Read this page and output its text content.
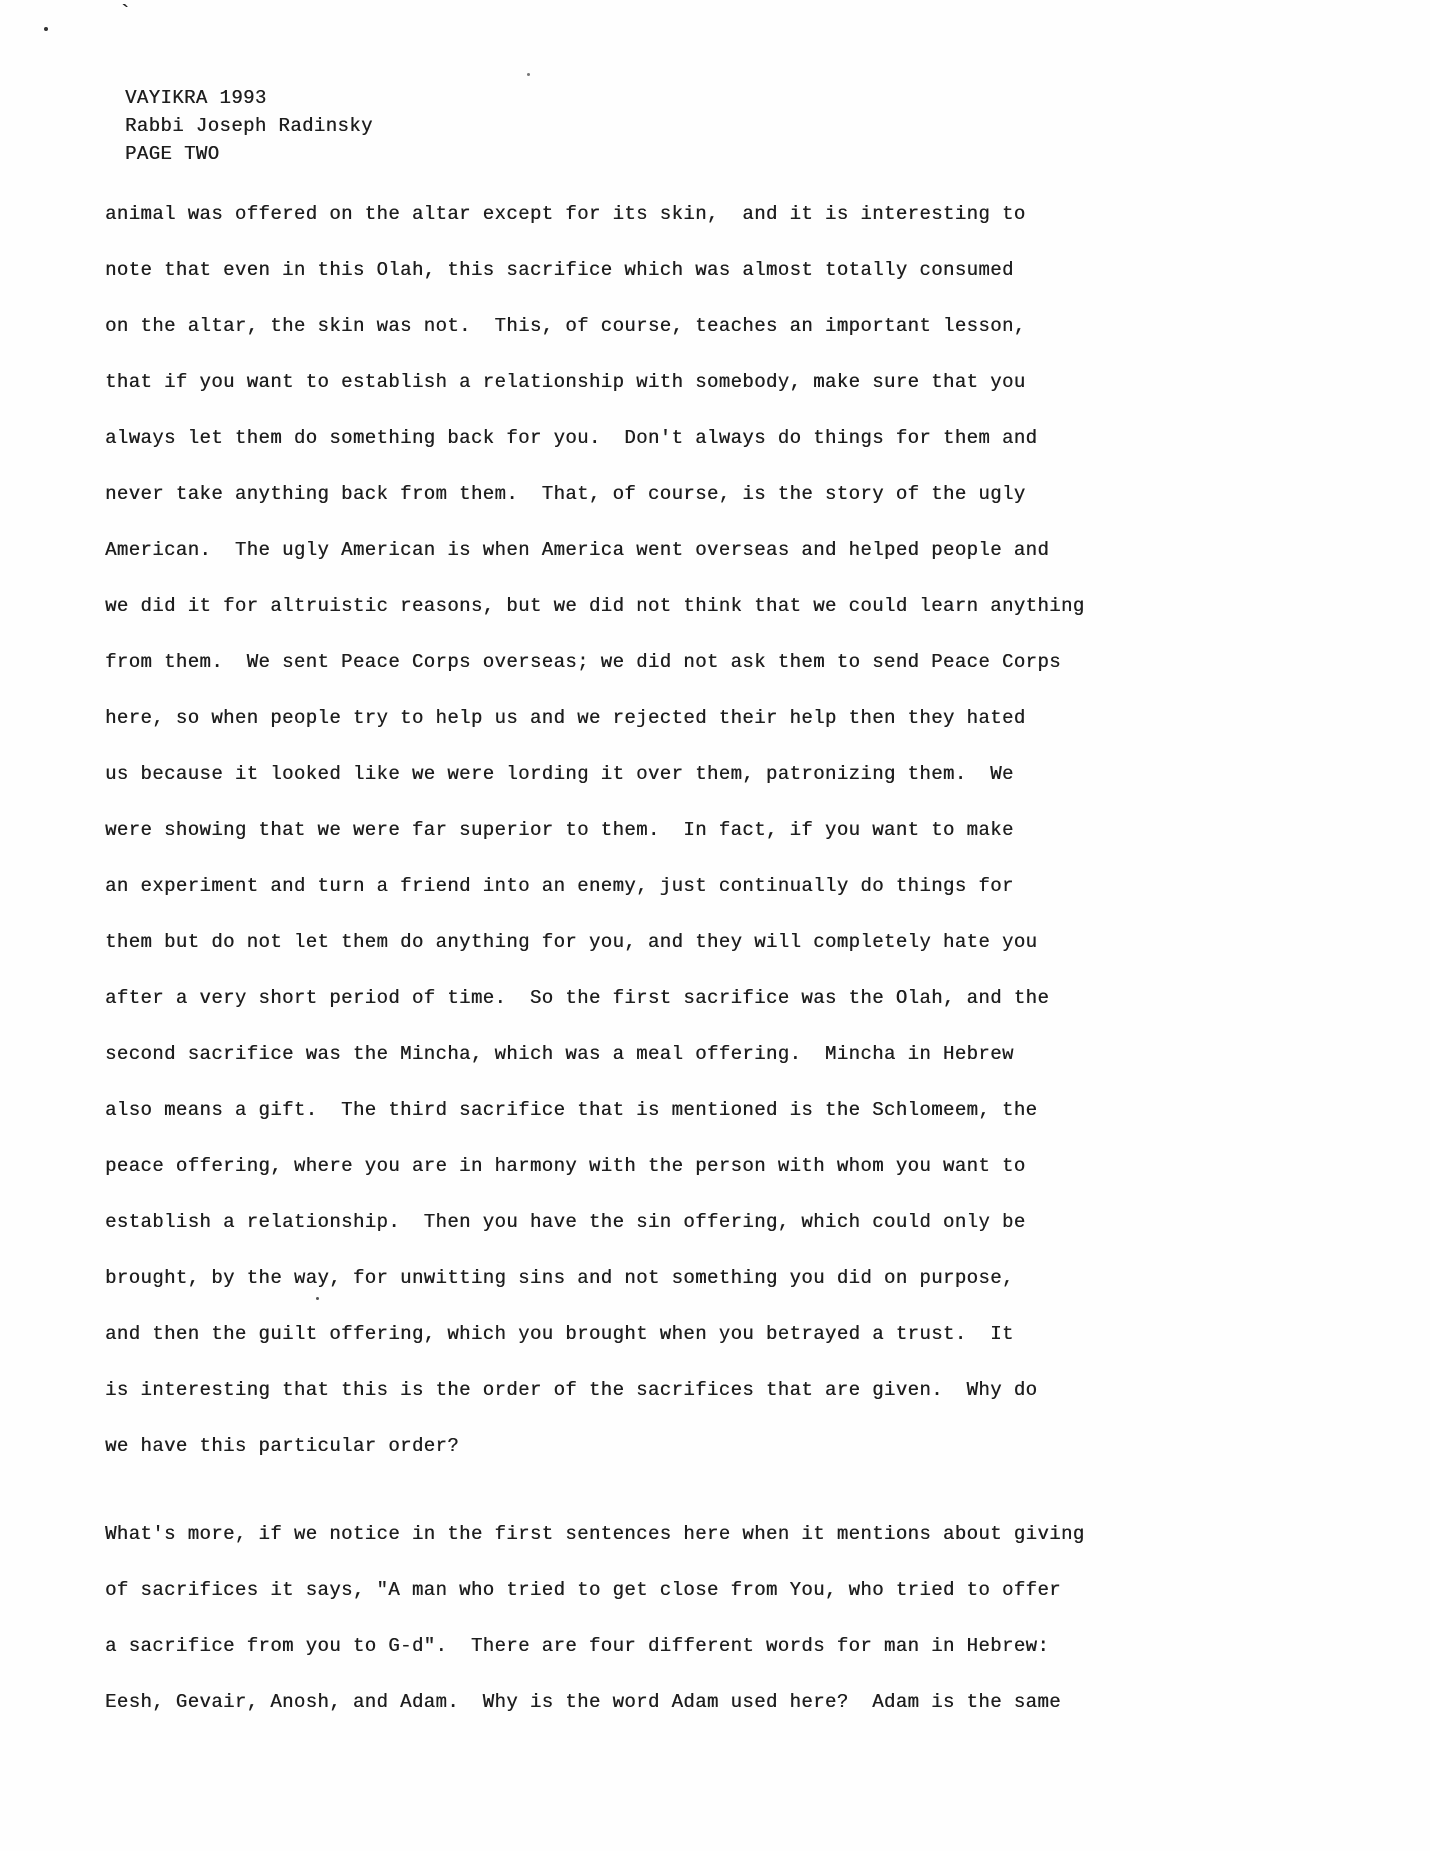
`
VAYIKRA 1993
Rabbi Joseph Radinsky
PAGE TWO
animal was offered on the altar except for its skin,  and it is interesting to
note that even in this Olah, this sacrifice which was almost totally consumed
on the altar, the skin was not.  This, of course, teaches an important lesson,
that if you want to establish a relationship with somebody, make sure that you
always let them do something back for you.  Don't always do things for them and
never take anything back from them.  That, of course, is the story of the ugly
American.  The ugly American is when America went overseas and helped people and
we did it for altruistic reasons, but we did not think that we could learn anything
from them.  We sent Peace Corps overseas; we did not ask them to send Peace Corps
here, so when people try to help us and we rejected their help then they hated
us because it looked like we were lording it over them, patronizing them.  We
were showing that we were far superior to them.  In fact, if you want to make
an experiment and turn a friend into an enemy, just continually do things for
them but do not let them do anything for you, and they will completely hate you
after a very short period of time.  So the first sacrifice was the Olah, and the
second sacrifice was the Mincha, which was a meal offering.  Mincha in Hebrew
also means a gift.  The third sacrifice that is mentioned is the Schlomeem, the
peace offering, where you are in harmony with the person with whom you want to
establish a relationship.  Then you have the sin offering, which could only be
brought, by the way, for unwitting sins and not something you did on purpose,
and then the guilt offering, which you brought when you betrayed a trust.  It
is interesting that this is the order of the sacrifices that are given.  Why do
we have this particular order?
What's more, if we notice in the first sentences here when it mentions about giving
of sacrifices it says, "A man who tried to get close from You, who tried to offer
a sacrifice from you to G-d".  There are four different words for man in Hebrew:
Eesh, Gevair, Anosh, and Adam.  Why is the word Adam used here?  Adam is the same
